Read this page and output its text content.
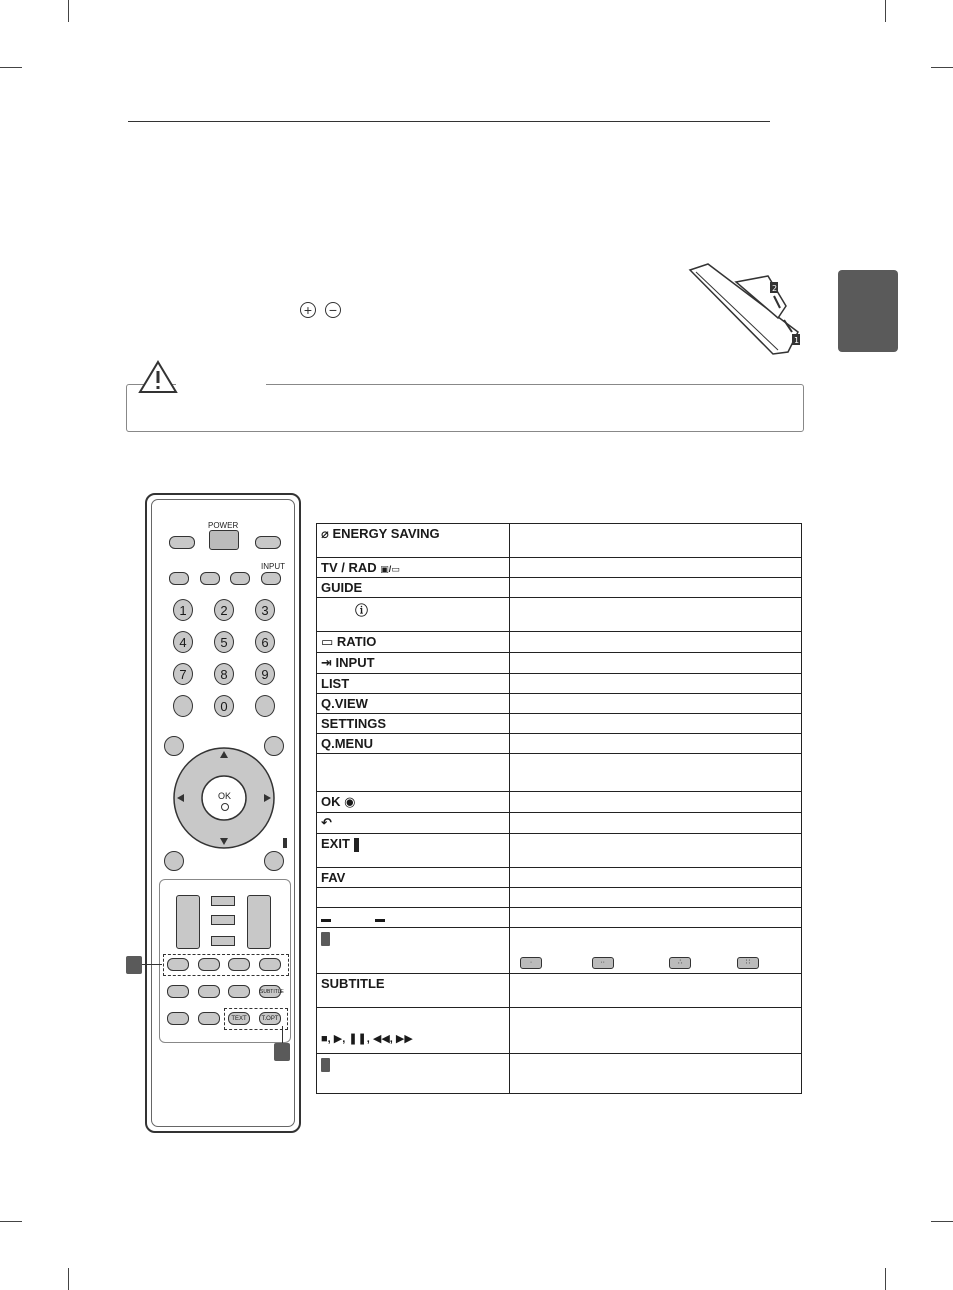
+ −
2
1
POWER
INPUT
1	2	3
4	5	6
7	8	9
0
OK
SUBTITLE
TEXT	T.OPT
⌀ ENERGY SAVING	
TV / RAD ▣/▭	
GUIDE	
ⓘ	
▭ RATIO	
⇥ INPUT	
LIST	
Q.VIEW	
SETTINGS	
Q.MENU	

OK ◉	
↶	
EXIT	
FAV	

▬ ▬	
	· ·· ∴ ∷
SUBTITLE	
■, ▶, ❚❚, ◀◀, ▶▶	
